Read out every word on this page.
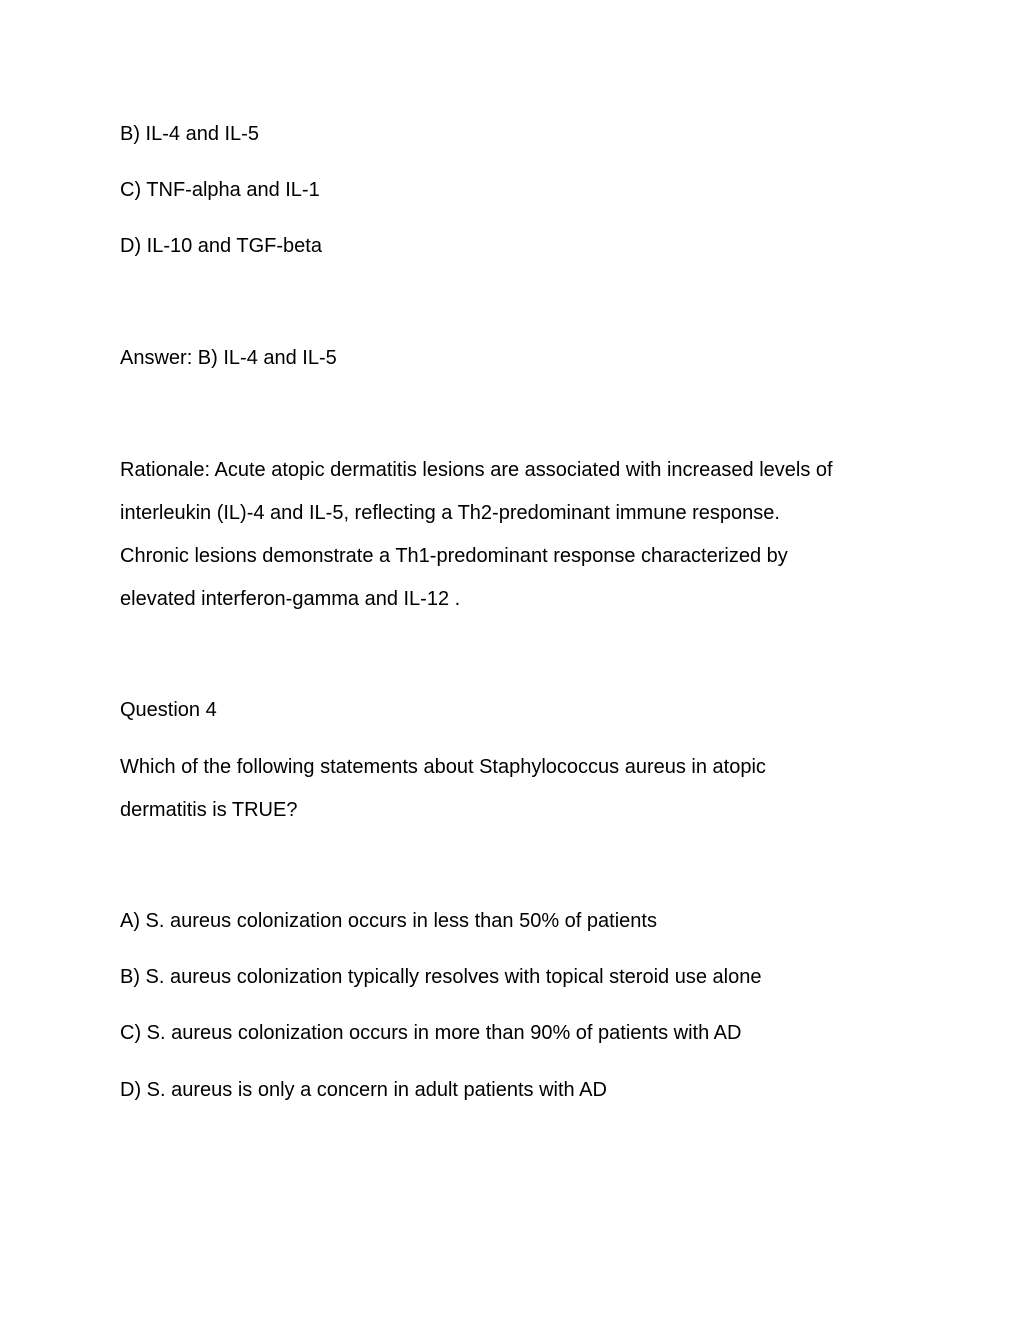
B) IL-4 and IL-5
C) TNF-alpha and IL-1
D) IL-10 and TGF-beta
Answer: B) IL-4 and IL-5
Rationale: Acute atopic dermatitis lesions are associated with increased levels of
interleukin (IL)-4 and IL-5, reflecting a Th2-predominant immune response.
Chronic lesions demonstrate a Th1-predominant response characterized by
elevated interferon-gamma and IL-12 .
Question 4
Which of the following statements about Staphylococcus aureus in atopic
dermatitis is TRUE?
A) S. aureus colonization occurs in less than 50% of patients
B) S. aureus colonization typically resolves with topical steroid use alone
C) S. aureus colonization occurs in more than 90% of patients with AD
D) S. aureus is only a concern in adult patients with AD
